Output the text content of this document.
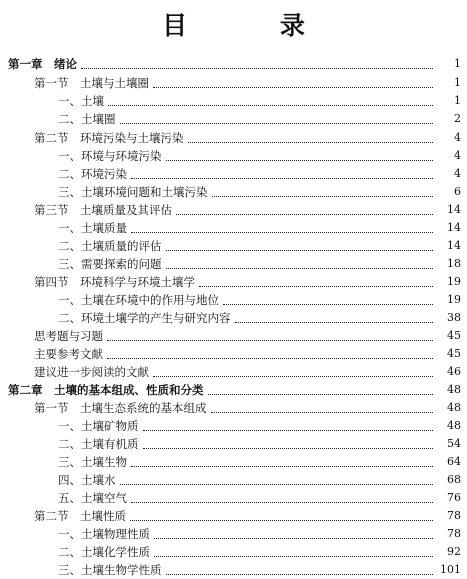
目 录
第一章　绪论	1
第一节　土壤与土壤圈	1
一、土壤	1
二、土壤圈	2
第二节　环境污染与土壤污染	4
一、环境与环境污染	4
二、环境污染	4
三、土壤环境问题和土壤污染	6
第三节　土壤质量及其评估	14
一、土壤质量	14
二、土壤质量的评估	14
三、需要探索的问题	18
第四节　环境科学与环境土壤学	19
一、土壤在环境中的作用与地位	19
二、环境土壤学的产生与研究内容	38
思考题与习题	45
主要参考文献	45
建议进一步阅读的文献	46
第二章　土壤的基本组成、性质和分类	48
第一节　土壤生态系统的基本组成	48
一、土壤矿物质	48
二、土壤有机质	54
三、土壤生物	64
四、土壤水	68
五、土壤空气	76
第二节　土壤性质	78
一、土壤物理性质	78
二、土壤化学性质	92
三、土壤生物学性质	101
